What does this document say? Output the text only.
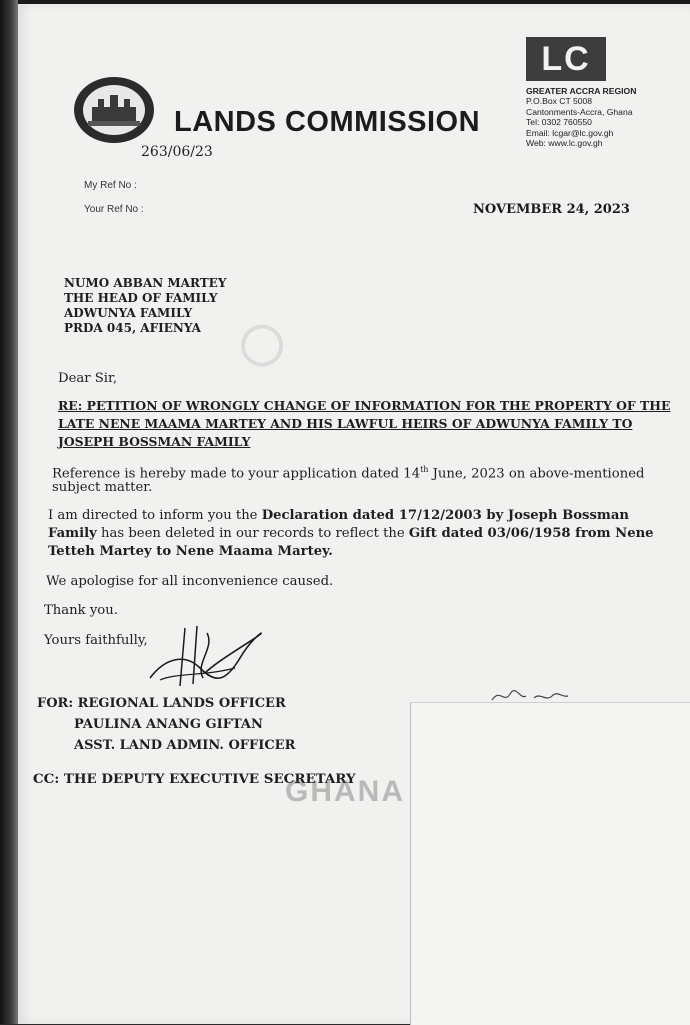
LANDS COMMISSION
263/06/23
LC
GREATER ACCRA REGION
P.O.Box CT 5008
Cantonments-Accra, Ghana
Tel: 0302 760550
Email: lcgar@lc.gov.gh
Web: www.lc.gov.gh
My Ref No :
Your Ref No :	NOVEMBER 24, 2023
NUMO ABBAN MARTEY
THE HEAD OF FAMILY
ADWUNYA FAMILY
PRDA 045, AFIENYA ◯
Dear Sir,
RE: PETITION OF WRONGLY CHANGE OF INFORMATION FOR THE PROPERTY OF THE
LATE NENE MAAMA MARTEY AND HIS LAWFUL HEIRS OF ADWUNYA FAMILY TO
JOSEPH BOSSMAN FAMILY
Reference is hereby made to your application dated 14th June, 2023 on above-mentioned
subject matter.
I am directed to inform you the Declaration dated 17/12/2003 by Joseph Bossman
Family has been deleted in our records to reflect the Gift dated 03/06/1958 from Nene
Tetteh Martey to Nene Maama Martey.
We apologise for all inconvenience caused.
Thank you.
Yours faithfully,
FOR: REGIONAL LANDS OFFICER
PAULINA ANANG GIFTAN
ASST. LAND ADMIN. OFFICER
CC: THE DEPUTY EXECUTIVE SECRETARY
GHANA
